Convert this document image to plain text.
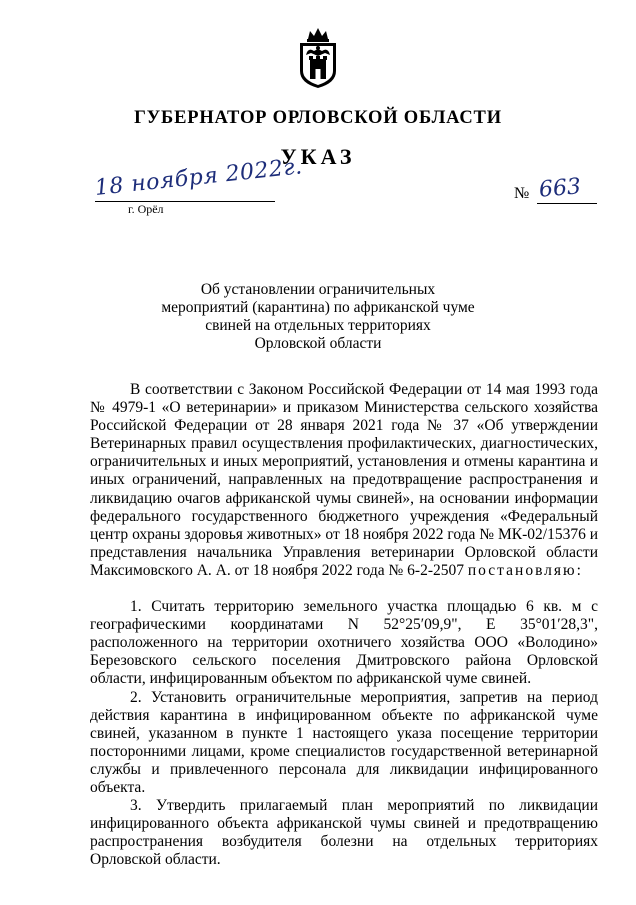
ГУБЕРНАТОР ОРЛОВСКОЙ ОБЛАСТИ
УКАЗ
18 ноября 2022г.
г. Орёл
№ 663
Об установлении ограничительных
мероприятий (карантина) по африканской чуме
свиней на отдельных территориях
Орловской области

В соответствии с Законом Российской Федерации от 14 мая 1993 года № 4979-1 «О ветеринарии» и приказом Министерства сельского хозяйства Российской Федерации от 28 января 2021 года № 37 «Об утверждении Ветеринарных правил осуществления профилактических, диагностических, ограничительных и иных мероприятий, установления и отмены карантина и иных ограничений, направленных на предотвращение распространения и ликвидацию очагов африканской чумы свиней», на основании информации федерального государственного бюджетного учреждения «Федеральный центр охраны здоровья животных» от 18 ноября 2022 года № МК-02/15376 и представления начальника Управления ветеринарии Орловской области Максимовского А. А. от 18 ноября 2022 года № 6-2-2507 постановляю:

1. Считать территорию земельного участка площадью 6 кв. м с географическими координатами N 52°25′09,9", E 35°01′28,3", расположенного на территории охотничего хозяйства ООО «Володино» Березовского сельского поселения Дмитровского района Орловской области, инфицированным объектом по африканской чуме свиней.

2. Установить ограничительные мероприятия, запретив на период действия карантина в инфицированном объекте по африканской чуме свиней, указанном в пункте 1 настоящего указа посещение территории посторонними лицами, кроме специалистов государственной ветеринарной службы и привлеченного персонала для ликвидации инфицированного объекта.

3. Утвердить прилагаемый план мероприятий по ликвидации инфицированного объекта африканской чумы свиней и предотвращению распространения возбудителя болезни на отдельных территориях Орловской области.
